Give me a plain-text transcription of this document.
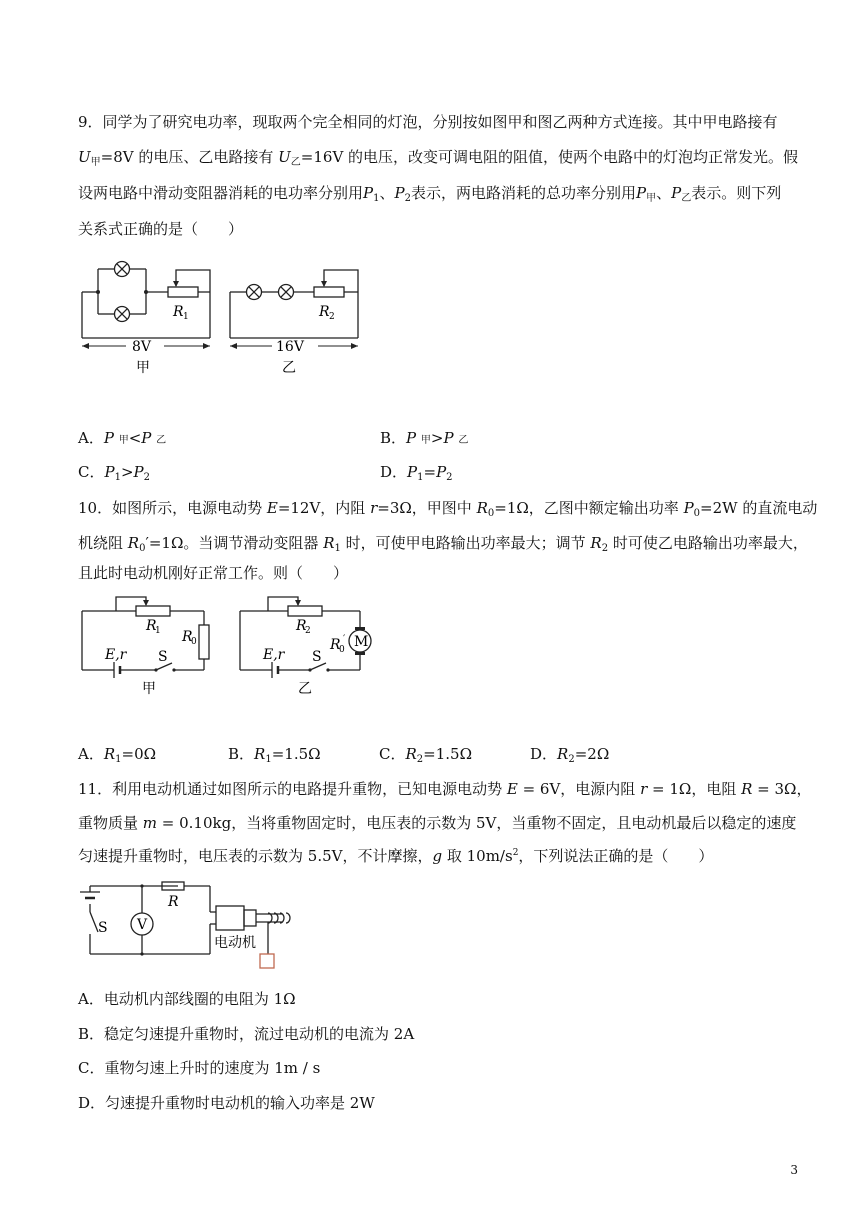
9．同学为了研究电功率，现取两个完全相同的灯泡，分别按如图甲和图乙两种方式连接。其中甲电路接有
$U_甲=8V$ 的电压、乙电路接有 $U_乙=16V$ 的电压，改变可调电阻的阻值，使两个电路中的灯泡均正常发光。假
设两电路中滑动变阻器消耗的电功率分别用$P_1$、$P_2$表示，两电路消耗的总功率分别用$P_甲$、$P_乙$表示。则下列
关系式正确的是（　　）
R 1
8V
甲
R 2
16V
乙
A．P 甲<P 乙	B．P 甲>P 乙
C．$P_1>P_2$	D．$P_1=P_2$
10．如图所示，电源电动势 E=12V，内阻 r=3Ω，甲图中 $R_0=1\Omega$，乙图中额定输出功率 $P_0=2W$ 的直流电动
机绕阻 $R_0'=1\Omega$。当调节滑动变阻器 $R_1$ 时，可使甲电路输出功率最大；调节 $R_2$ 时可使乙电路输出功率最大，
且此时电动机刚好正常工作。则（　　）
R
1 R
0
E,r S
甲
M
R
2
R
0
′
E,r S
乙
A．$R_1=0\Omega$	B．$R_1=1.5\Omega$	C．$R_2=1.5\Omega$	D．$R_2=2\Omega$
11．利用电动机通过如图所示的电路提升重物，已知电源电动势 E = 6V，电源内阻 r = 1Ω，电阻 R = 3Ω，
重物质量 m = 0.10kg，当将重物固定时，电压表的示数为 5V，当重物不固定，且电动机最后以稳定的速度
匀速提升重物时，电压表的示数为 5.5V，不计摩擦，g 取 $10m/s^2$，下列说法正确的是（　　）
V
R
S
电动机
A．电动机内部线圈的电阻为 1Ω
B．稳定匀速提升重物时，流过电动机的电流为 2A
C．重物匀速上升时的速度为 1m / s
D．匀速提升重物时电动机的输入功率是 2W
3
